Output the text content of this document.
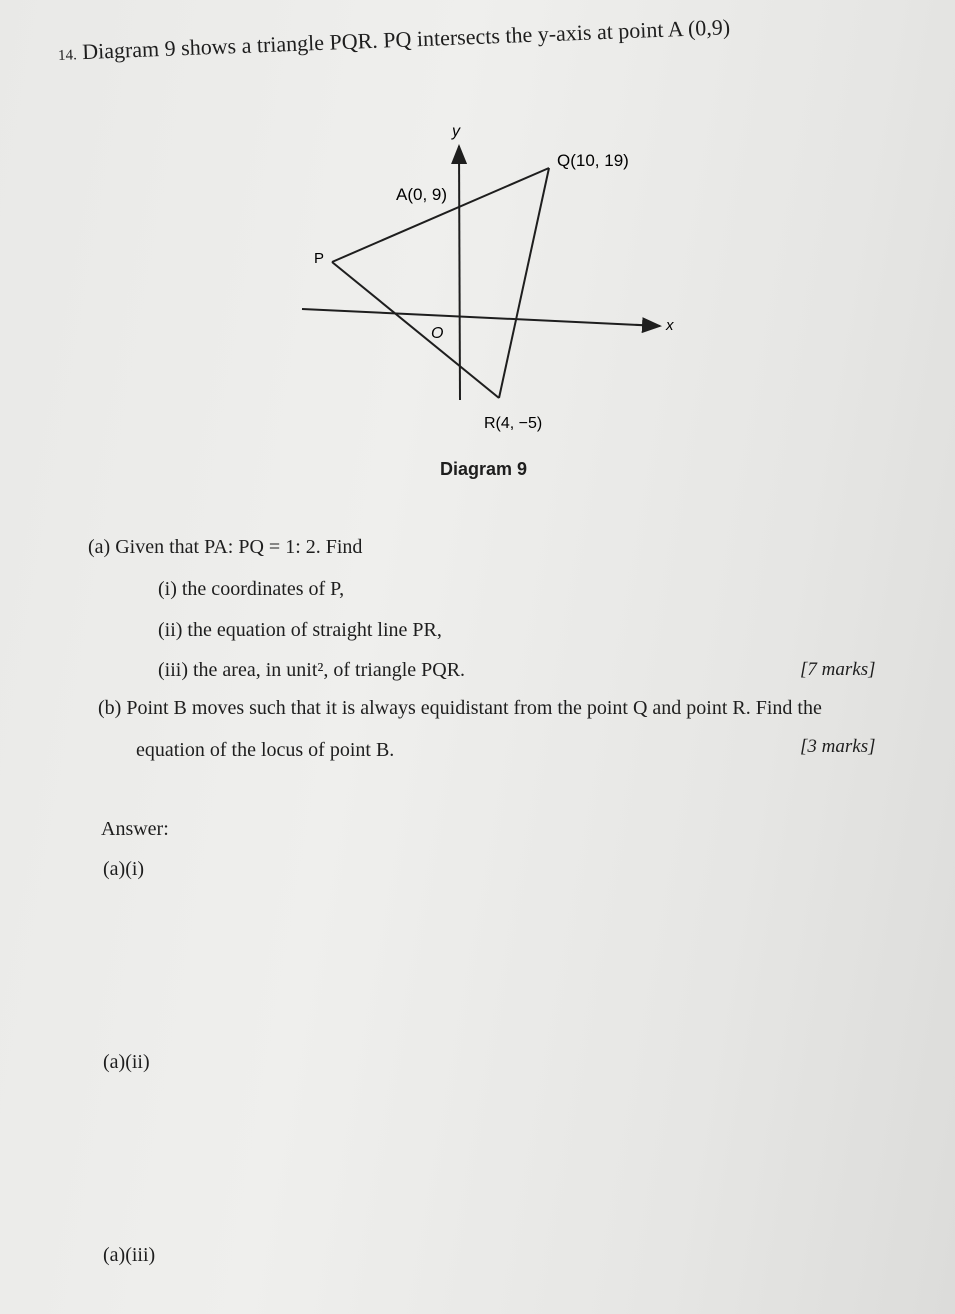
14. Diagram 9 shows a triangle PQR. PQ intersects the y-axis at point A (0,9)
y
x
O
Q(10, 19)
A(0, 9)
P
R(4, −5)
Diagram 9
(a) Given that PA: PQ = 1: 2. Find
(i) the coordinates of P,
(ii) the equation of straight line PR,
(iii) the area, in unit², of triangle PQR.	[7 marks]
(b) Point B moves such that it is always equidistant from the point Q and point R. Find the
equation of the locus of point B.	[3 marks]
Answer:
(a)(i)
(a)(ii)
(a)(iii)
